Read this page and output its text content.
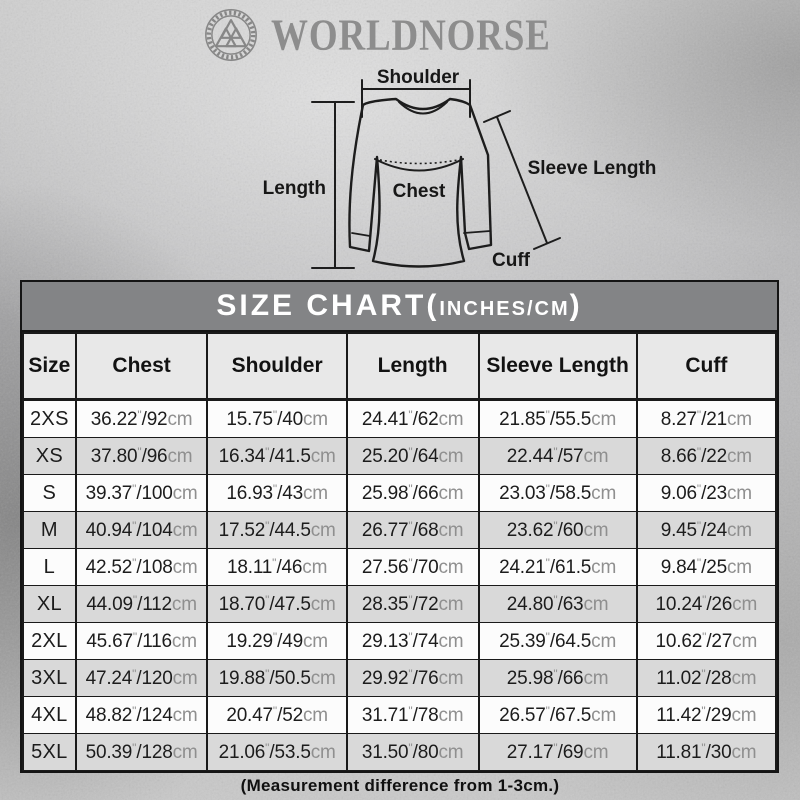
WORLDNORSE
Shoulder
Length	Chest
Sleeve Length
Cuff
SIZE CHART(INCHES/CM)
Size	Chest	Shoulder	Length	Sleeve Length	Cuff
2XS	36.22"/92cm	15.75"/40cm	24.41"/62cm	21.85"/55.5cm	8.27"/21cm
XS	37.80"/96cm	16.34"/41.5cm	25.20"/64cm	22.44"/57cm	8.66"/22cm
S	39.37"/100cm	16.93"/43cm	25.98"/66cm	23.03"/58.5cm	9.06"/23cm
M	40.94"/104cm	17.52"/44.5cm	26.77"/68cm	23.62"/60cm	9.45"/24cm
L	42.52"/108cm	18.11"/46cm	27.56"/70cm	24.21"/61.5cm	9.84"/25cm
XL	44.09"/112cm	18.70"/47.5cm	28.35"/72cm	24.80"/63cm	10.24"/26cm
2XL	45.67"/116cm	19.29"/49cm	29.13"/74cm	25.39"/64.5cm	10.62"/27cm
3XL	47.24"/120cm	19.88"/50.5cm	29.92"/76cm	25.98"/66cm	11.02"/28cm
4XL	48.82"/124cm	20.47"/52cm	31.71"/78cm	26.57"/67.5cm	11.42"/29cm
5XL	50.39"/128cm	21.06"/53.5cm	31.50"/80cm	27.17"/69cm	11.81"/30cm
(Measurement difference from 1-3cm.)
